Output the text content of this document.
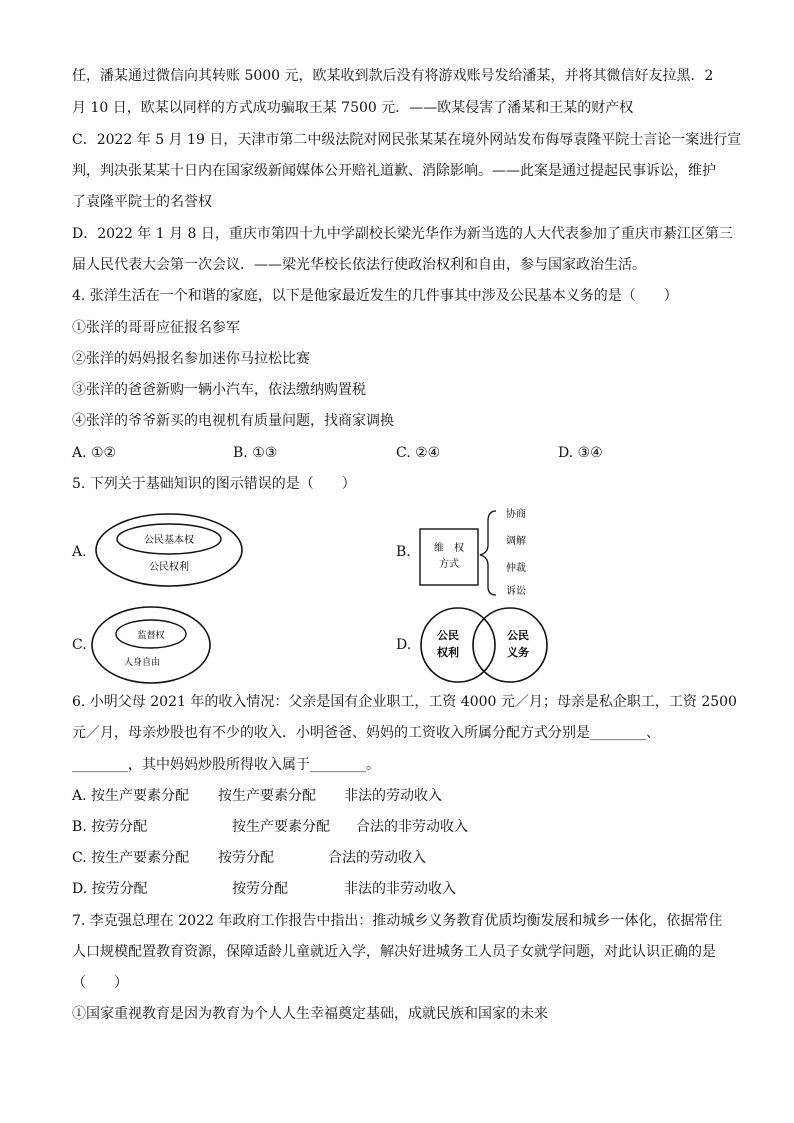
任，潘某通过微信向其转账 5000 元，欧某收到款后没有将游戏账号发给潘某，并将其微信好友拉黑．2
月 10 日，欧某以同样的方式成功骗取王某 7500 元．——欧某侵害了潘某和王某的财产权
C．2022 年 5 月 19 日，天津市第二中级法院对网民张某某在境外网站发布侮辱袁隆平院士言论一案进行宣
判，判决张某某十日内在国家级新闻媒体公开赔礼道歉、消除影响。——此案是通过提起民事诉讼，维护
了袁隆平院士的名誉权
D．2022 年 1 月 8 日，重庆市第四十九中学副校长梁光华作为新当选的人大代表参加了重庆市綦江区第三
届人民代表大会第一次会议．——梁光华校长依法行使政治权利和自由，参与国家政治生活。
4. 张洋生活在一个和谐的家庭，以下是他家最近发生的几件事其中涉及公民基本义务的是（　　）
①张洋的哥哥应征报名参军
②张洋的妈妈报名参加迷你马拉松比赛
③张洋的爸爸新购一辆小汽车，依法缴纳购置税
④张洋的爷爷新买的电视机有质量问题，找商家调换
A. ①②	B. ①③	C. ②④	D. ③④
5. 下列关于基础知识的图示错误的是（　　）
A.
公民基本权
公民权利
B. 维　权
方式
协商
调解
仲裁
诉讼
C.
监督权
人身自由
D.
公民
权利
公民
义务
6. 小明父母 2021 年的收入情况：父亲是国有企业职工，工资 4000 元／月；母亲是私企职工，工资 2500
元／月，母亲炒股也有不少的收入．小明爸爸、妈妈的工资收入所属分配方式分别是________、
________，其中妈妈炒股所得收入属于________。
A. 按生产要素分配 按生产要素分配 非法的劳动收入
B. 按劳分配	按生产要素分配 合法的非劳动收入
C. 按生产要素分配 按劳分配	合法的劳动收入
D. 按劳分配	按劳分配	非法的非劳动收入
7. 李克强总理在 2022 年政府工作报告中指出：推动城乡义务教育优质均衡发展和城乡一体化，依据常住
人口规模配置教育资源，保障适龄儿童就近入学，解决好进城务工人员子女就学问题，对此认识正确的是
（　　）
①国家重视教育是因为教育为个人人生幸福奠定基础，成就民族和国家的未来
